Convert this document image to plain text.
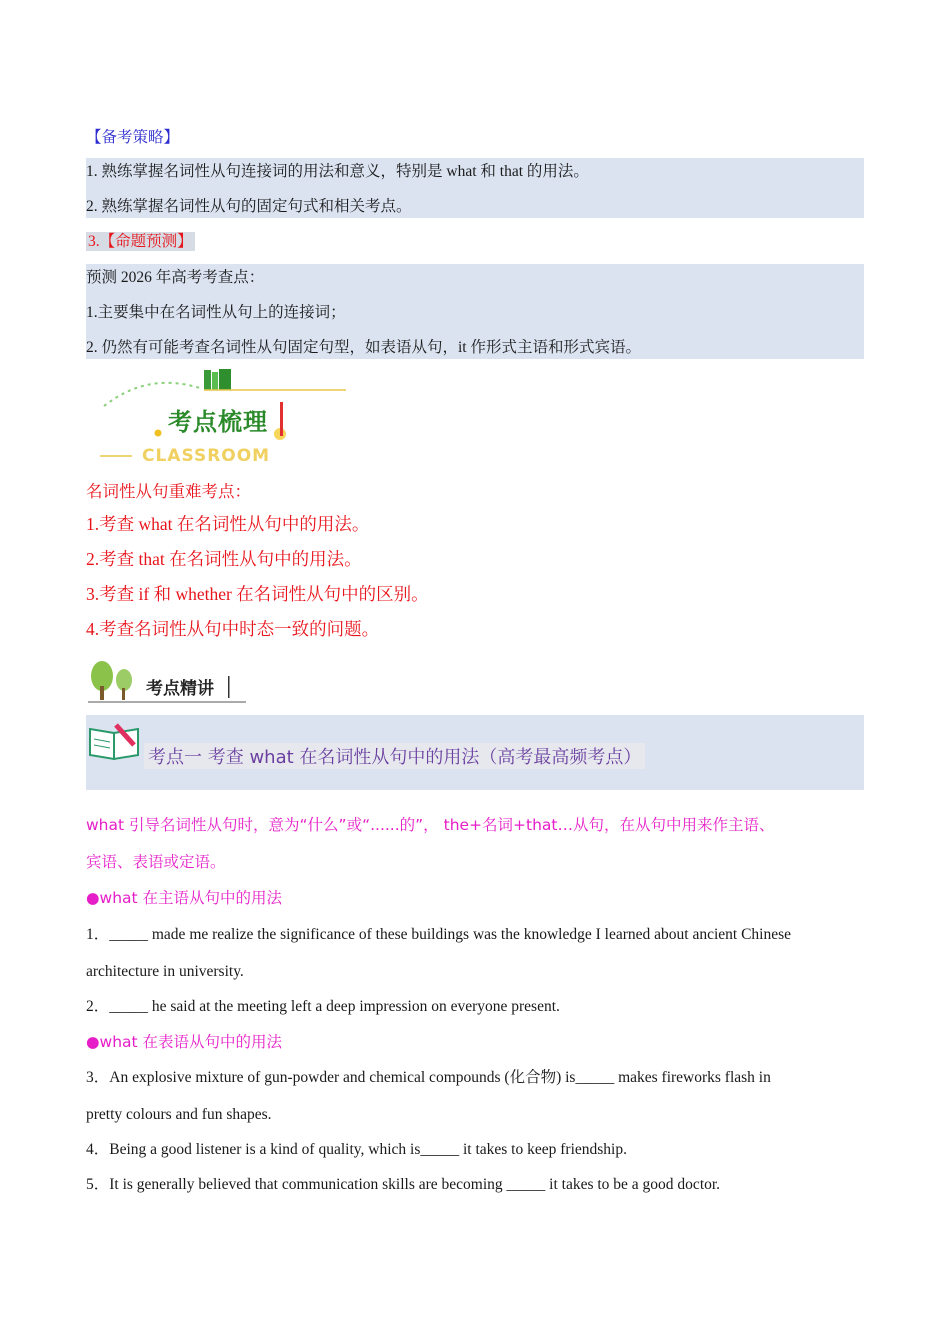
【备考策略】
1. 熟练掌握名词性从句连接词的用法和意义，特别是 what 和 that 的用法。
2. 熟练掌握名词性从句的固定句式和相关考点。
3.【命题预测】
预测 2026 年高考考查点：
1.主要集中在名词性从句上的连接词；
2. 仍然有可能考查名词性从句固定句型，如表语从句，it 作形式主语和形式宾语。
考点梳理
CLASSROOM
名词性从句重难考点：
1.考查 what 在名词性从句中的用法。
2.考查 that 在名词性从句中的用法。
3.考查 if 和 whether 在名词性从句中的区别。
4.考查名词性从句中时态一致的问题。
考点精讲
考点一 考查 what 在名词性从句中的用法（高考最高频考点）
what 引导名词性从句时，意为“什么”或“......的”， the+名词+that…从句，在从句中用来作主语、
宾语、表语或定语。
●what 在主语从句中的用法
1．_____ made me realize the significance of these buildings was the knowledge I learned about ancient Chinese
architecture in university.
2．_____ he said at the meeting left a deep impression on everyone present.
●what 在表语从句中的用法
3．An explosive mixture of gun-powder and chemical compounds (化合物) is_____ makes fireworks flash in
pretty colours and fun shapes.
4．Being a good listener is a kind of quality, which is_____ it takes to keep friendship.
5．It is generally believed that communication skills are becoming _____ it takes to be a good doctor.
